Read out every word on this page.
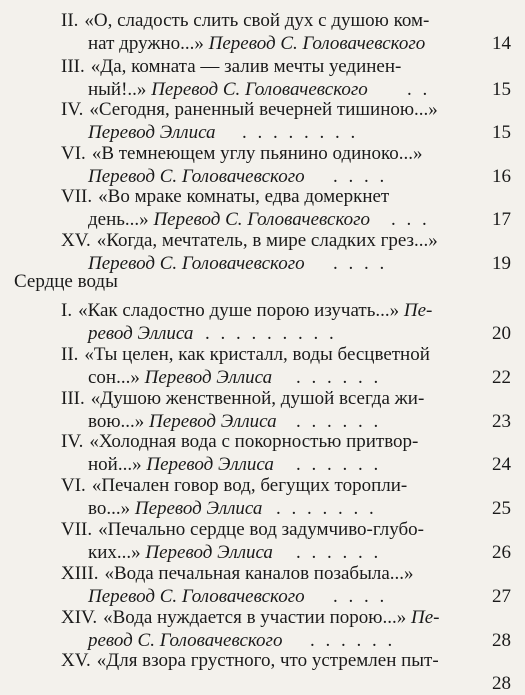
II. «О, сладость слить свой дух с душою ком-
нат дружно...» Перевод С. Головачевского	14
III. «Да, комната — залив мечты уединен-
ный!..» Перевод С. Головачевского . .	15
IV. «Сегодня, раненный вечерней тишиною...»
Перевод Эллиса . . . . . . . .	15
VI. «В темнеющем углу пьянино одиноко...»
Перевод С. Головачевского . . . .	16
VII. «Во мраке комнаты, едва домеркнет
день...» Перевод С. Головачевского . . .	17
XV. «Когда, мечтатель, в мире сладких грез...»
Перевод С. Головачевского . . . .	19
Сердце воды
I. «Как сладостно душе порою изучать...» Пе-
ревод Эллиса . . . . . . . . .	20
II. «Ты целен, как кристалл, воды бесцветной
сон...» Перевод Эллиса . . . . . .	22
III. «Душою женственной, душой всегда жи-
вою...» Перевод Эллиса . . . . . .	23
IV. «Холодная вода с покорностью притвор-
ной...» Перевод Эллиса . . . . . .	24
VI. «Печален говор вод, бегущих торопли-
во...» Перевод Эллиса . . . . . . .	25
VII. «Печально сердце вод задумчиво-глубо-
ких...» Перевод Эллиса . . . . . .	26
XIII. «Вода печальная каналов позабыла...»
Перевод С. Головачевского . . . .	27
XIV. «Вода нуждается в участии порою...» Пе-
ревод С. Головачевского . . . . . .	28
XV. «Для взора грустного, что устремлен пыт-
28
